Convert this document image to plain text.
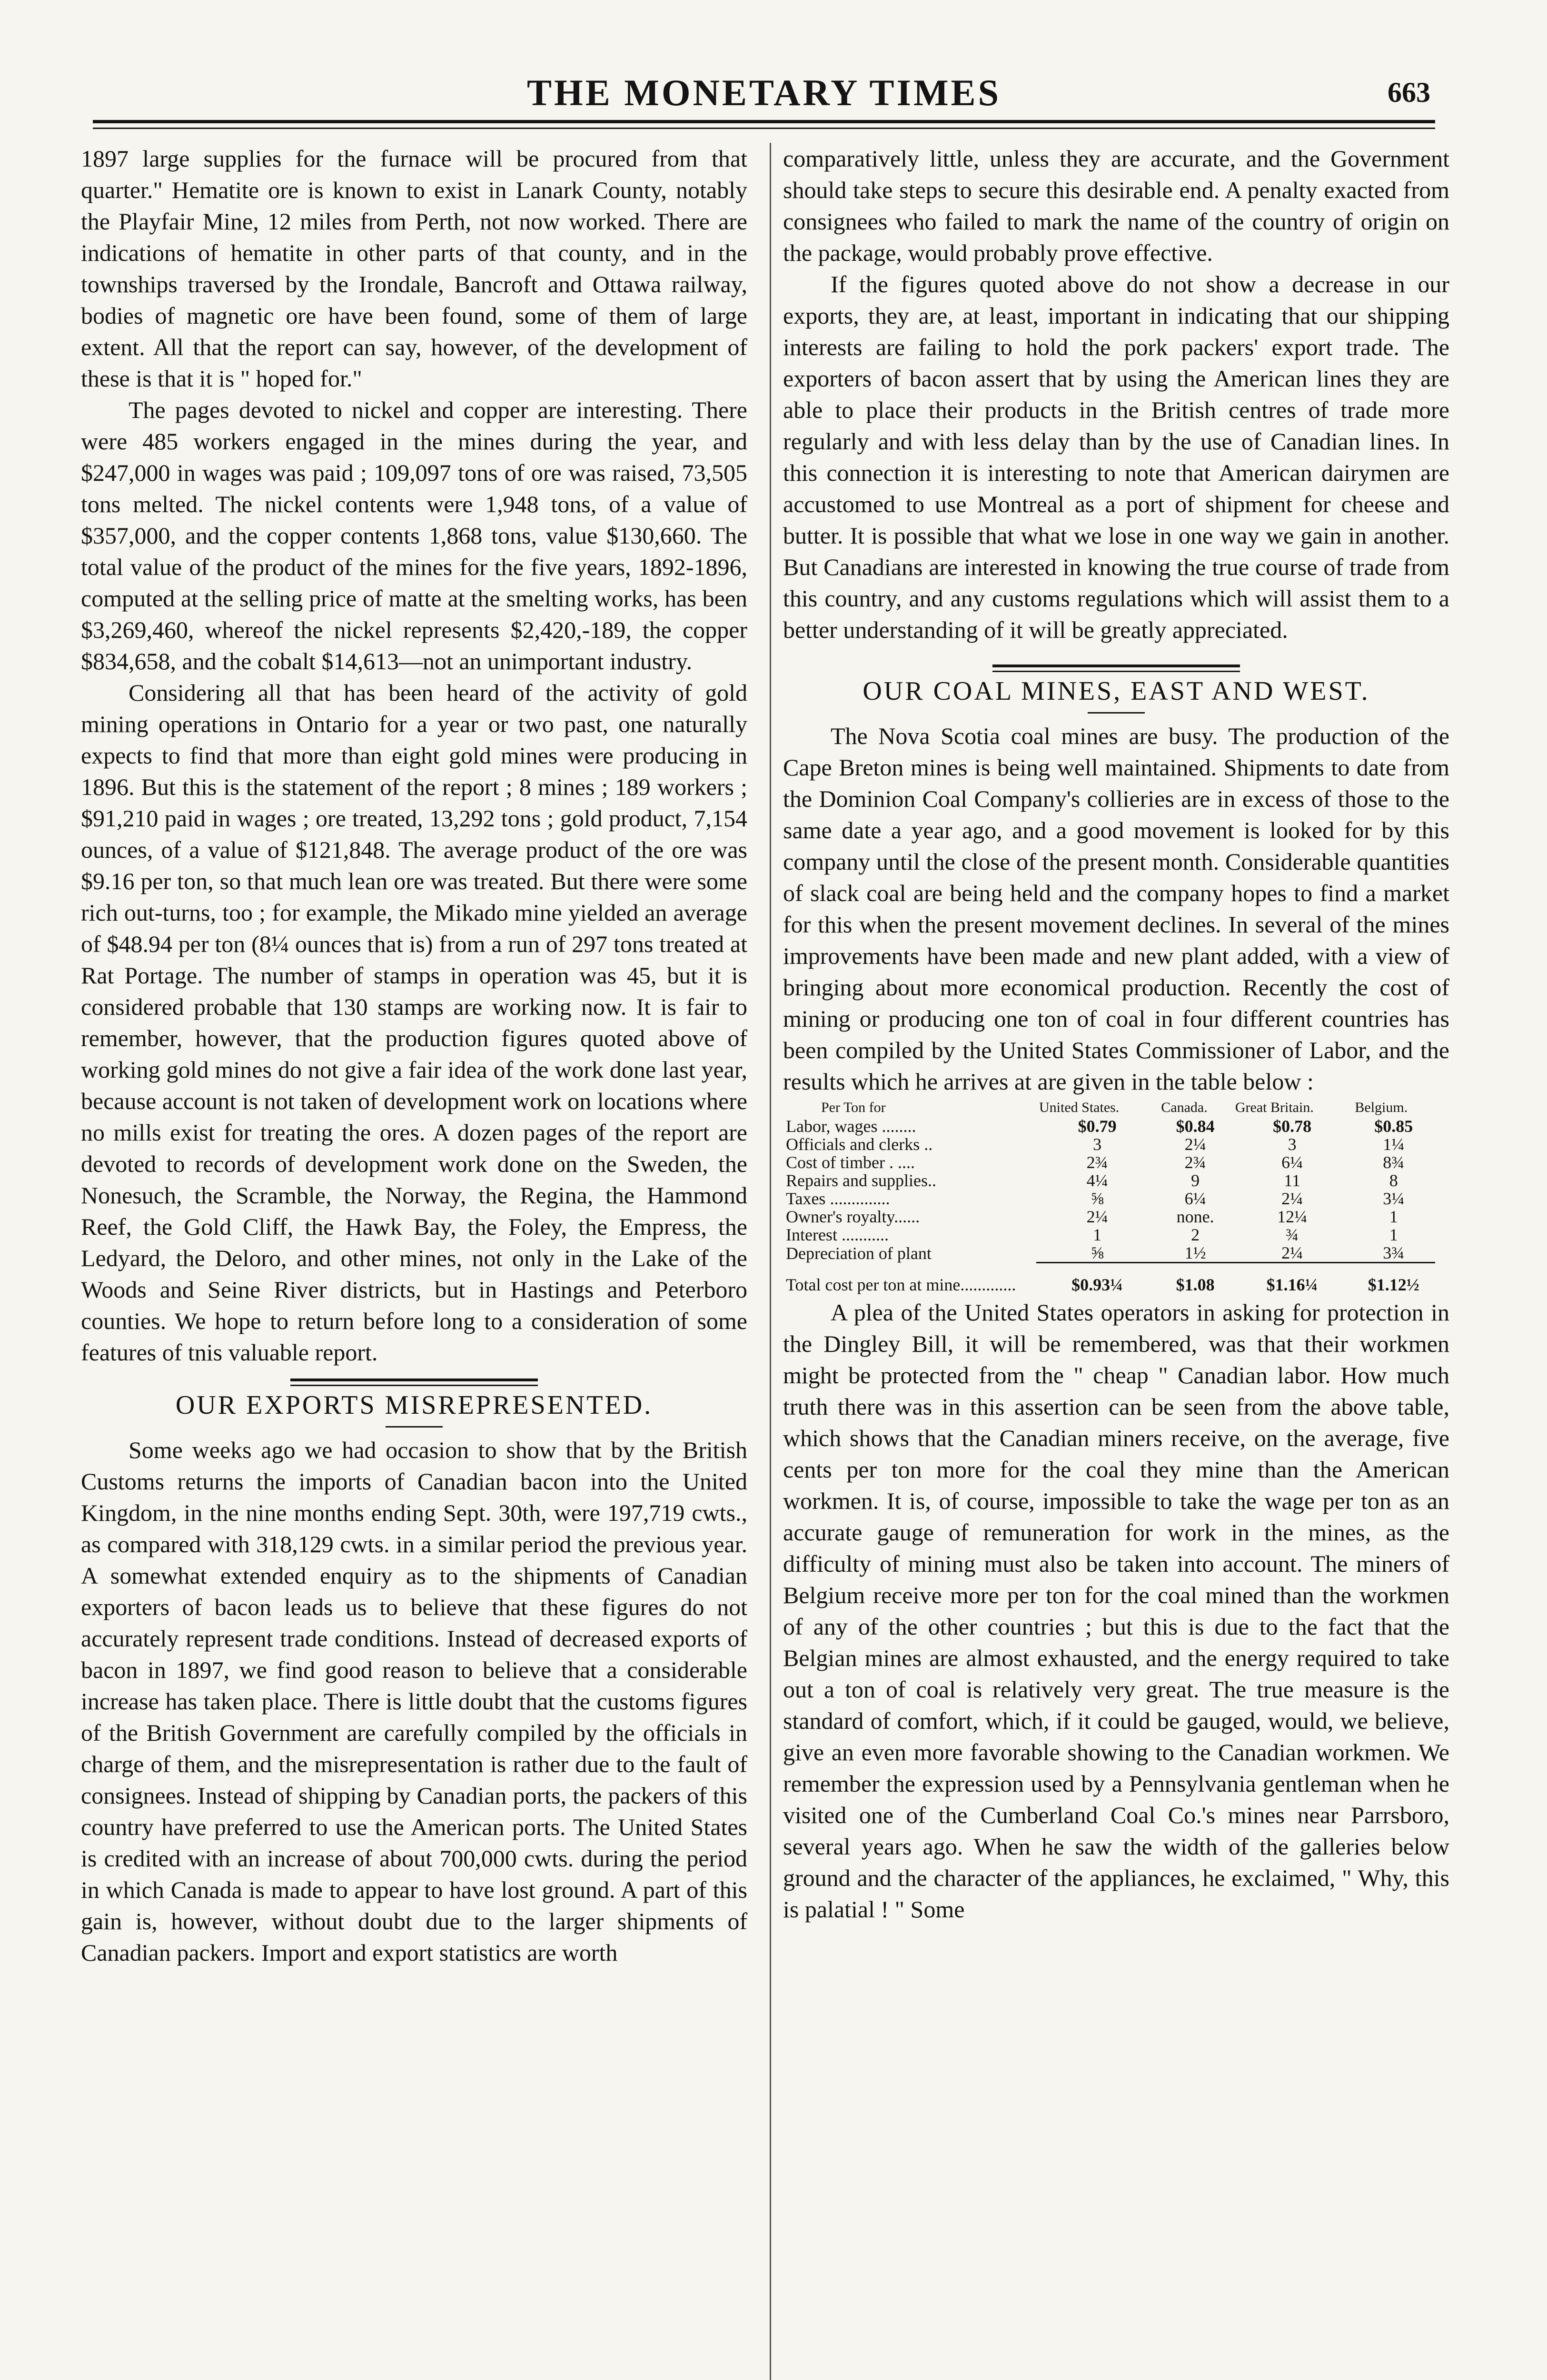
THE MONETARY TIMES	663

1897 large supplies for the furnace will be procured from that quarter." Hematite ore is known to exist in Lanark County, notably the Playfair Mine, 12 miles from Perth, not now worked. There are indications of hematite in other parts of that county, and in the townships traversed by the Irondale, Bancroft and Ottawa railway, bodies of magnetic ore have been found, some of them of large extent. All that the report can say, however, of the development of these is that it is " hoped for."

The pages devoted to nickel and copper are interesting. There were 485 workers engaged in the mines during the year, and $247,000 in wages was paid ; 109,097 tons of ore was raised, 73,505 tons melted. The nickel contents were 1,948 tons, of a value of $357,000, and the copper contents 1,868 tons, value $130,660. The total value of the product of the mines for the five years, 1892-1896, computed at the selling price of matte at the smelting works, has been $3,269,460, whereof the nickel represents $2,420,-189, the copper $834,658, and the cobalt $14,613—not an unimportant industry.

Considering all that has been heard of the activity of gold mining operations in Ontario for a year or two past, one naturally expects to find that more than eight gold mines were producing in 1896. But this is the statement of the report ; 8 mines ; 189 workers ; $91,210 paid in wages ; ore treated, 13,292 tons ; gold product, 7,154 ounces, of a value of $121,848. The average product of the ore was $9.16 per ton, so that much lean ore was treated. But there were some rich out-turns, too ; for example, the Mikado mine yielded an average of $48.94 per ton (8¼ ounces that is) from a run of 297 tons treated at Rat Portage. The number of stamps in operation was 45, but it is considered probable that 130 stamps are working now. It is fair to remember, however, that the production figures quoted above of working gold mines do not give a fair idea of the work done last year, because account is not taken of development work on locations where no mills exist for treating the ores. A dozen pages of the report are devoted to records of development work done on the Sweden, the Nonesuch, the Scramble, the Norway, the Regina, the Hammond Reef, the Gold Cliff, the Hawk Bay, the Foley, the Empress, the Ledyard, the Deloro, and other mines, not only in the Lake of the Woods and Seine River districts, but in Hastings and Peterboro counties. We hope to return before long to a consideration of some features of tnis valuable report.

OUR EXPORTS MISREPRESENTED.

Some weeks ago we had occasion to show that by the British Customs returns the imports of Canadian bacon into the United Kingdom, in the nine months ending Sept. 30th, were 197,719 cwts., as compared with 318,129 cwts. in a similar period the previous year. A somewhat extended enquiry as to the shipments of Canadian exporters of bacon leads us to believe that these figures do not accurately represent trade conditions. Instead of decreased exports of bacon in 1897, we find good reason to believe that a considerable increase has taken place. There is little doubt that the customs figures of the British Government are carefully compiled by the officials in charge of them, and the misrepresentation is rather due to the fault of consignees. Instead of shipping by Canadian ports, the packers of this country have preferred to use the American ports. The United States is credited with an increase of about 700,000 cwts. during the period in which Canada is made to appear to have lost ground. A part of this gain is, however, without doubt due to the larger shipments of Canadian packers. Import and export statistics are worth

comparatively little, unless they are accurate, and the Government should take steps to secure this desirable end. A penalty exacted from consignees who failed to mark the name of the country of origin on the package, would probably prove effective.

If the figures quoted above do not show a decrease in our exports, they are, at least, important in indicating that our shipping interests are failing to hold the pork packers' export trade. The exporters of bacon assert that by using the American lines they are able to place their products in the British centres of trade more regularly and with less delay than by the use of Canadian lines. In this connection it is interesting to note that American dairymen are accustomed to use Montreal as a port of shipment for cheese and butter. It is possible that what we lose in one way we gain in another. But Canadians are interested in knowing the true course of trade from this country, and any customs regulations which will assist them to a better understanding of it will be greatly appreciated.

OUR COAL MINES, EAST AND WEST.

The Nova Scotia coal mines are busy. The production of the Cape Breton mines is being well maintained. Shipments to date from the Dominion Coal Company's collieries are in excess of those to the same date a year ago, and a good movement is looked for by this company until the close of the present month. Considerable quantities of slack coal are being held and the company hopes to find a market for this when the present movement declines. In several of the mines improvements have been made and new plant added, with a view of bringing about more economical production. Recently the cost of mining or producing one ton of coal in four different countries has been compiled by the United States Commissioner of Labor, and the results which he arrives at are given in the table below :

Per Ton for	United States.	Canada.	Great Britain.	Belgium.
Labor, wages ........	$0.79	$0.84	$0.78	$0.85
Officials and clerks ..	3	2¼	3	1¼
Cost of timber . ....	2¾	2¾	6¼	8¾
Repairs and supplies..	4¼	9	11	8
Taxes ..............	⅝	6¼	2¼	3¼
Owner's royalty......	2¼	none.	12¼	1
Interest ...........	1	2	¾	1
Depreciation of plant	⅝	1½	2¼	3¾

Total cost per ton at mine.............	$0.93¼	$1.08	$1.16¼	$1.12½

A plea of the United States operators in asking for protection in the Dingley Bill, it will be remembered, was that their workmen might be protected from the " cheap " Canadian labor. How much truth there was in this assertion can be seen from the above table, which shows that the Canadian miners receive, on the average, five cents per ton more for the coal they mine than the American workmen. It is, of course, impossible to take the wage per ton as an accurate gauge of remuneration for work in the mines, as the difficulty of mining must also be taken into account. The miners of Belgium receive more per ton for the coal mined than the workmen of any of the other countries ; but this is due to the fact that the Belgian mines are almost exhausted, and the energy required to take out a ton of coal is relatively very great. The true measure is the standard of comfort, which, if it could be gauged, would, we believe, give an even more favorable showing to the Canadian workmen. We remember the expression used by a Pennsylvania gentleman when he visited one of the Cumberland Coal Co.'s mines near Parrsboro, several years ago. When he saw the width of the galleries below ground and the character of the appliances, he exclaimed, " Why, this is palatial ! " Some
